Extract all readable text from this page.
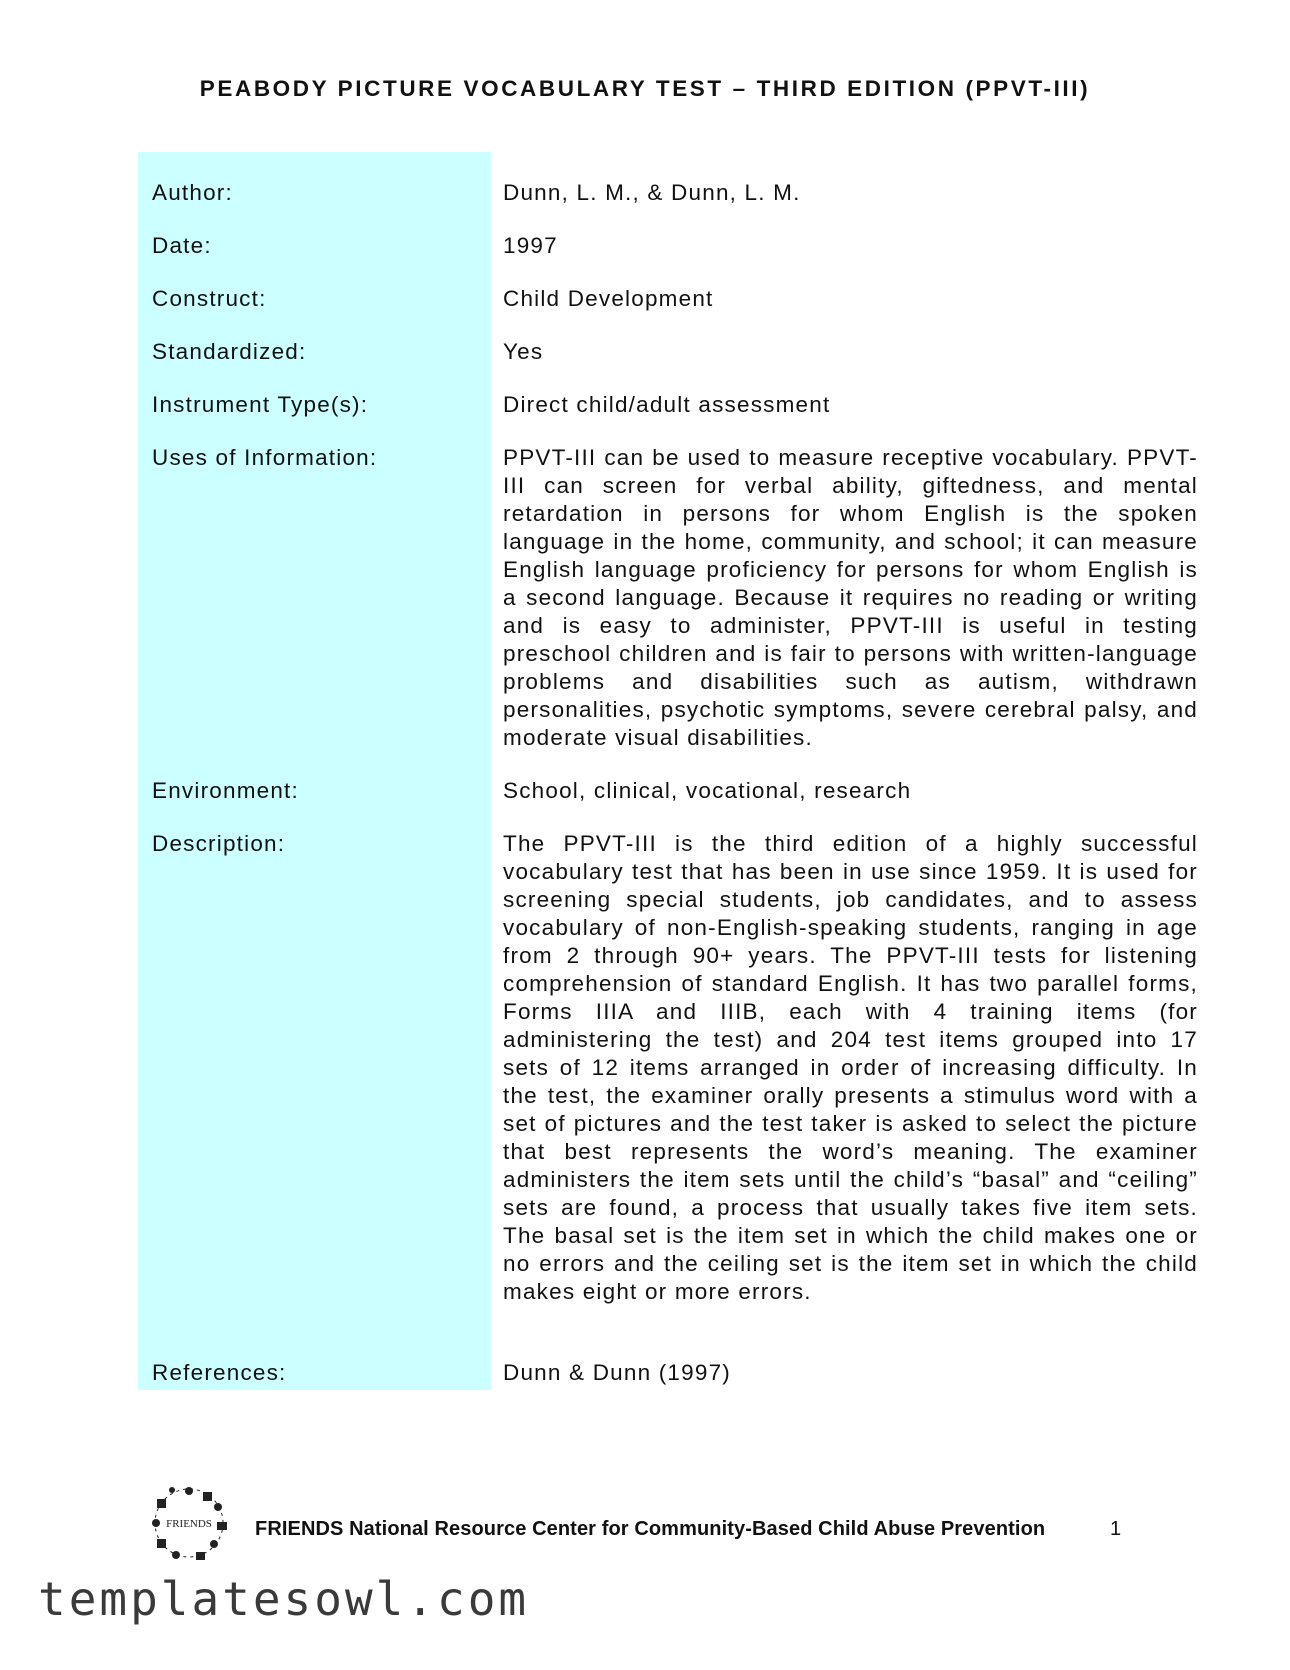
PEABODY PICTURE VOCABULARY TEST – THIRD EDITION (PPVT-III)
Author:	Dunn, L. M., & Dunn, L. M.
Date:	1997
Construct:	Child Development
Standardized:	Yes
Instrument Type(s):	Direct child/adult assessment
Uses of Information:	PPVT-III can be used to measure receptive vocabulary. PPVT-III can screen for verbal ability, giftedness, and mental retardation in persons for whom English is the spoken language in the home, community, and school; it can measure English language proficiency for persons for whom English is a second language. Because it requires no reading or writing and is easy to administer, PPVT-III is useful in testing preschool children and is fair to persons with written-language problems and disabilities such as autism, withdrawn personalities, psychotic symptoms, severe cerebral palsy, and moderate visual disabilities.
Environment:	School, clinical, vocational, research
Description:	The PPVT-III is the third edition of a highly successful vocabulary test that has been in use since 1959. It is used for screening special students, job candidates, and to assess vocabulary of non-English-speaking students, ranging in age from 2 through 90+ years. The PPVT-III tests for listening comprehension of standard English. It has two parallel forms, Forms IIIA and IIIB, each with 4 training items (for administering the test) and 204 test items grouped into 17 sets of 12 items arranged in order of increasing difficulty. In the test, the examiner orally presents a stimulus word with a set of pictures and the test taker is asked to select the picture that best represents the word’s meaning. The examiner administers the item sets until the child’s “basal” and “ceiling” sets are found, a process that usually takes five item sets. The basal set is the item set in which the child makes one or no errors and the ceiling set is the item set in which the child makes eight or more errors.
References:	Dunn & Dunn (1997)
FRIENDS FRIENDS National Resource Center for Community-Based Child Abuse Prevention	1
templatesowl.com
